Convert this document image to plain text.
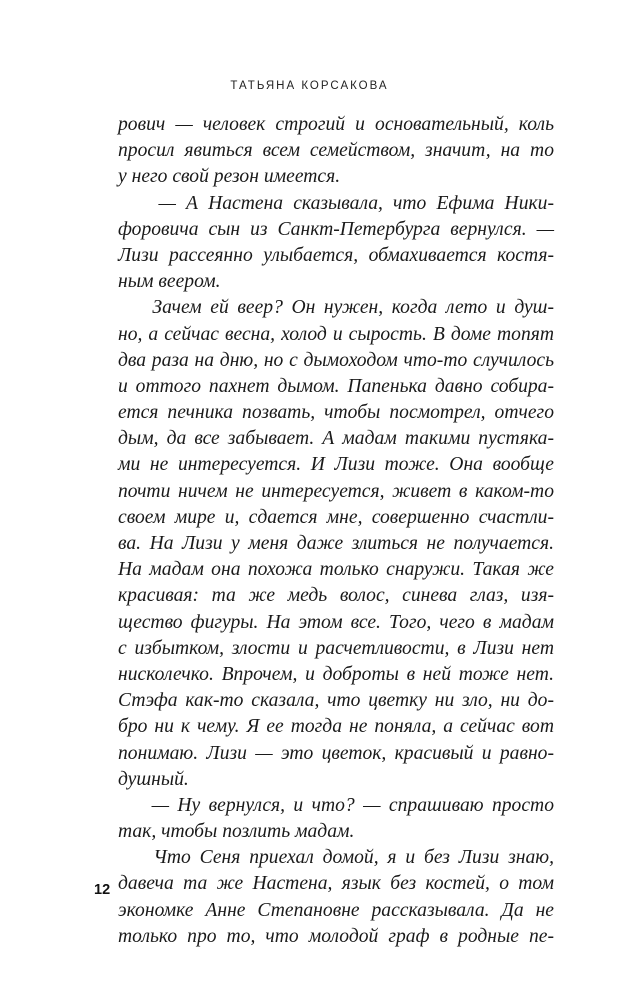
ТАТЬЯНА КОРСАКОВА
рович — человек строгий и основательный, коль
просил явиться всем семейством, значит, на то
у него свой резон имеется.
— А Настена сказывала, что Ефима Ники-
форовича сын из Санкт-Петербурга вернулся. —
Лизи рассеянно улыбается, обмахивается костя-
ным веером.
Зачем ей веер? Он нужен, когда лето и душ-
но, а сейчас весна, холод и сырость. В доме топят
два раза на дню, но с дымоходом что-то случилось
и оттого пахнет дымом. Папенька давно собира-
ется печника позвать, чтобы посмотрел, отчего
дым, да все забывает. А мадам такими пустяка-
ми не интересуется. И Лизи тоже. Она вообще
почти ничем не интересуется, живет в каком-то
своем мире и, сдается мне, совершенно счастли-
ва. На Лизи у меня даже злиться не получается.
На мадам она похожа только снаружи. Такая же
красивая: та же медь волос, синева глаз, изя-
щество фигуры. На этом все. Того, чего в мадам
с избытком, злости и расчетливости, в Лизи нет
нисколечко. Впрочем, и доброты в ней тоже нет.
Стэфа как-то сказала, что цветку ни зло, ни до-
бро ни к чему. Я ее тогда не поняла, а сейчас вот
понимаю. Лизи — это цветок, красивый и равно-
душный.
— Ну вернулся, и что? — спрашиваю просто
так, чтобы позлить мадам.
Что Сеня приехал домой, я и без Лизи знаю,
давеча та же Настена, язык без костей, о том
экономке Анне Степановне рассказывала. Да не
только про то, что молодой граф в родные пе-
12
